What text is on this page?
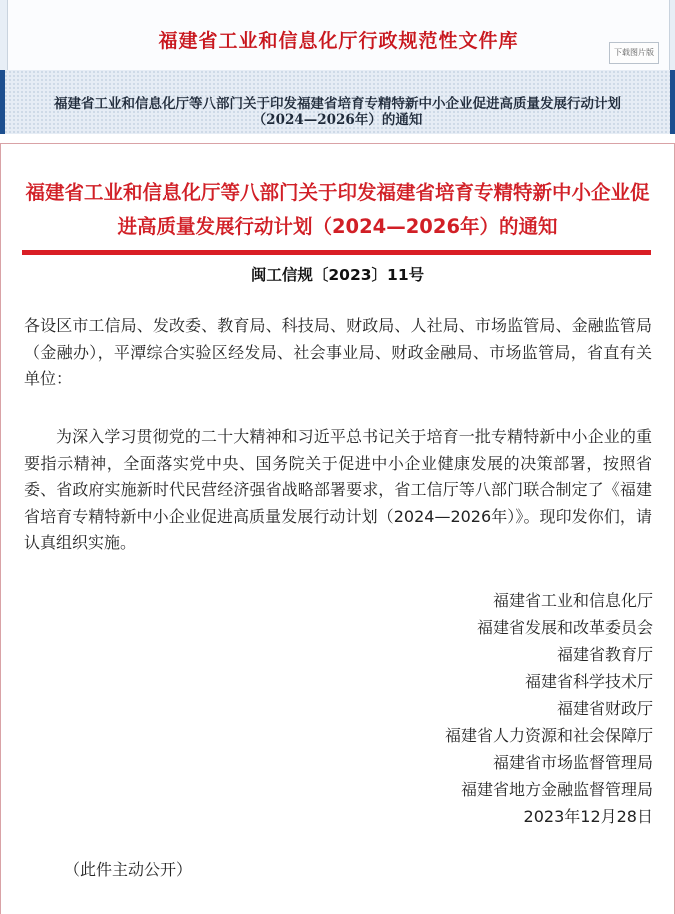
福建省工业和信息化厅行政规范性文件库
下载图片版
福建省工业和信息化厅等八部门关于印发福建省培育专精特新中小企业促进高质量发展行动计划（2024—2026年）的通知
福建省工业和信息化厅等八部门关于印发福建省培育专精特新中小企业促进高质量发展行动计划（2024—2026年）的通知
闽工信规〔2023〕11号
各设区市工信局、发改委、教育局、科技局、财政局、人社局、市场监管局、金融监管局（金融办），平潭综合实验区经发局、社会事业局、财政金融局、市场监管局，省直有关单位：
为深入学习贯彻党的二十大精神和习近平总书记关于培育一批专精特新中小企业的重要指示精神，全面落实党中央、国务院关于促进中小企业健康发展的决策部署，按照省委、省政府实施新时代民营经济强省战略部署要求，省工信厅等八部门联合制定了《福建省培育专精特新中小企业促进高质量发展行动计划（2024—2026年）》。现印发你们，请认真组织实施。
福建省工业和信息化厅
福建省发展和改革委员会
福建省教育厅
福建省科学技术厅
福建省财政厅
福建省人力资源和社会保障厅
福建省市场监督管理局
福建省地方金融监督管理局
2023年12月28日
（此件主动公开）
